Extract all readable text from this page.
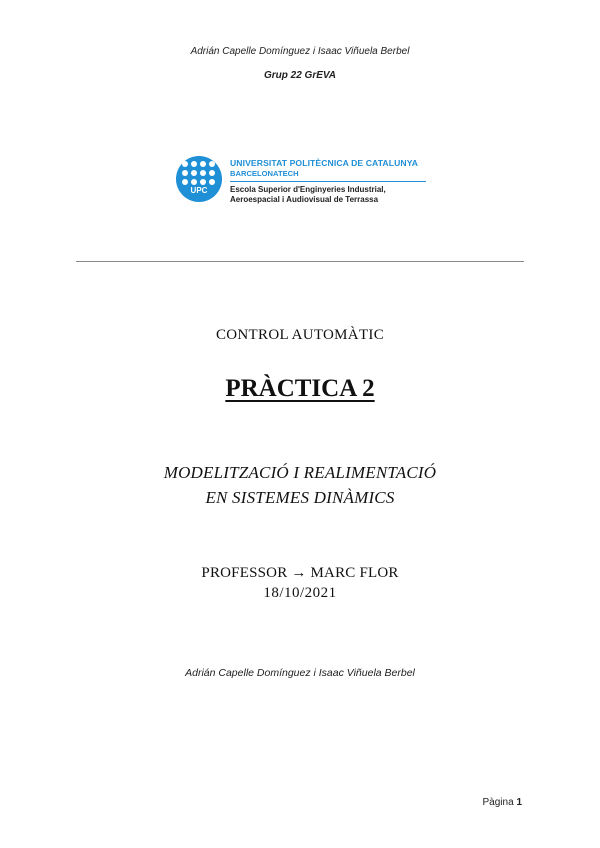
Adrián Capelle Domínguez i Isaac Viñuela Berbel
Grup 22 GrEVA
UPC
UNIVERSITAT POLITÈCNICA DE CATALUNYA
BARCELONATECH
Escola Superior d'Enginyeries Industrial,
Aeroespacial i Audiovisual de Terrassa
CONTROL AUTOMÀTIC
PRÀCTICA 2
MODELITZACIÓ I REALIMENTACIÓ
EN SISTEMES DINÀMICS
PROFESSOR → MARC FLOR
18/10/2021
Adrián Capelle Domínguez i Isaac Viñuela Berbel
Pàgina 1
